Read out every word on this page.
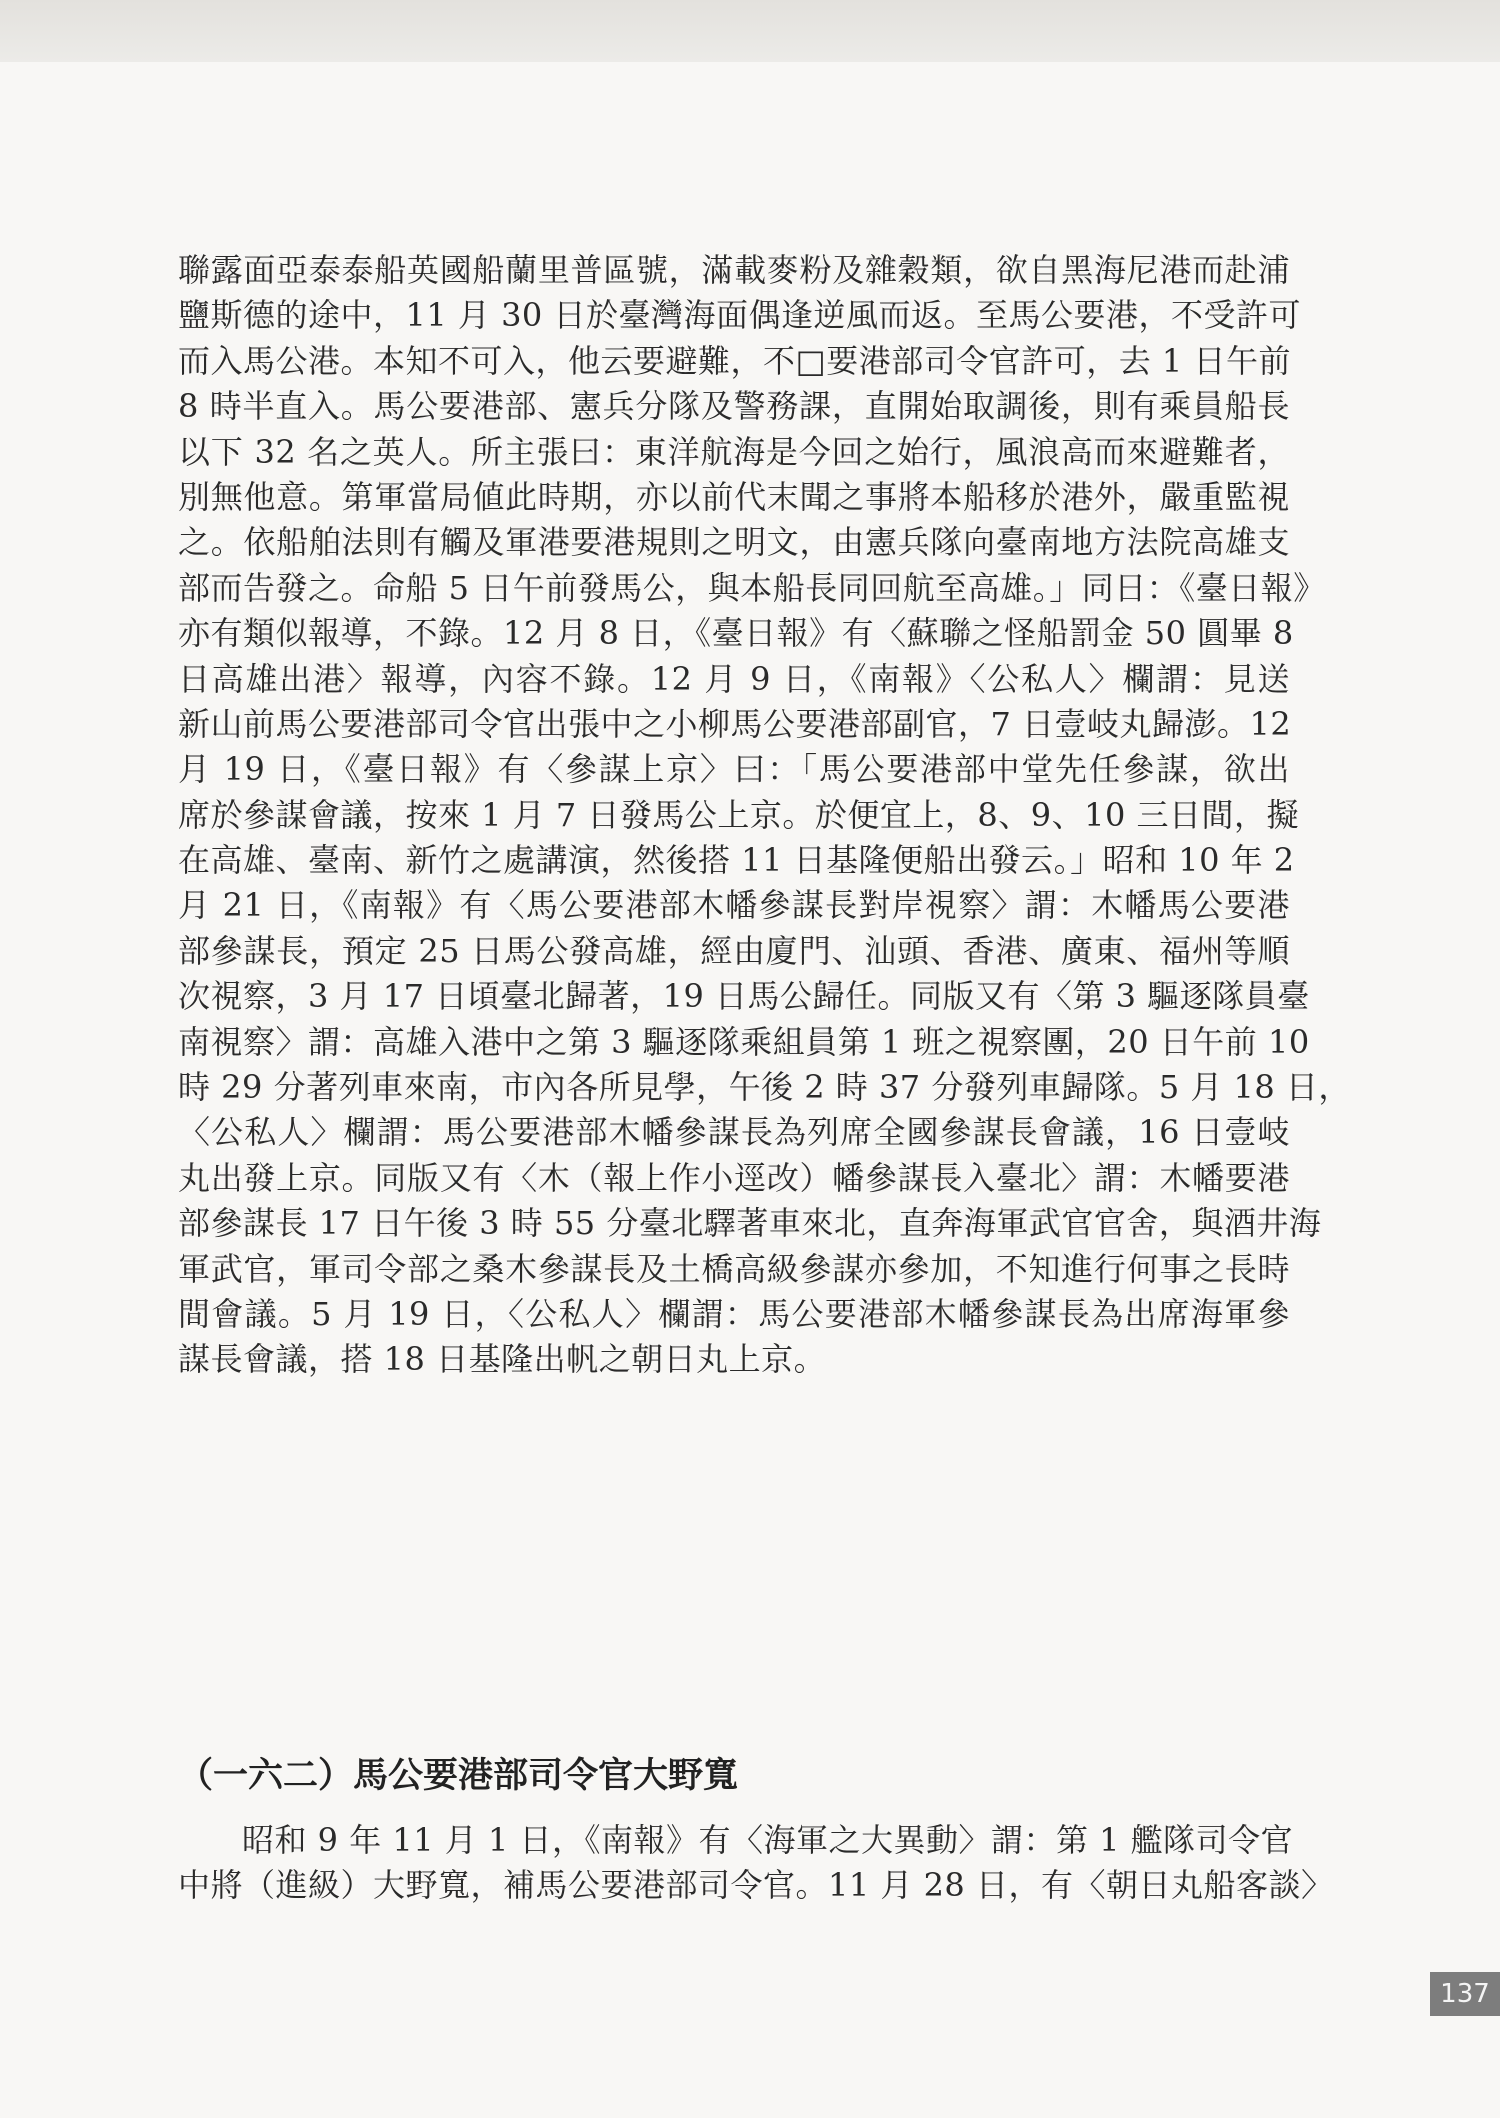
聯露面亞泰泰船英國船蘭里普區號，滿載麥粉及雜穀類，欲自黑海尼港而赴浦
鹽斯德的途中，11 月 30 日於臺灣海面偶逢逆風而返。至馬公要港，不受許可
而入馬公港。本知不可入，他云要避難，不□要港部司令官許可，去 1 日午前
8 時半直入。馬公要港部、憲兵分隊及警務課，直開始取調後，則有乘員船長
以下 32 名之英人。所主張曰：東洋航海是今回之始行，風浪高而來避難者，
別無他意。第軍當局値此時期，亦以前代末聞之事將本船移於港外，嚴重監視
之。依船舶法則有觸及軍港要港規則之明文，由憲兵隊向臺南地方法院高雄支
部而告發之。命船 5 日午前發馬公，與本船長同回航至高雄。」同日：《臺日報》
亦有類似報導，不錄。12 月 8 日，《臺日報》有〈蘇聯之怪船罰金 50 圓畢 8
日高雄出港〉報導，內容不錄。12 月 9 日，《南報》〈公私人〉欄謂：見送
新山前馬公要港部司令官出張中之小柳馬公要港部副官，7 日壹岐丸歸澎。12
月 19 日，《臺日報》有〈參謀上京〉曰：「馬公要港部中堂先任參謀，欲出
席於參謀會議，按來 1 月 7 日發馬公上京。於便宜上，8、9、10 三日間，擬
在高雄、臺南、新竹之處講演，然後搭 11 日基隆便船出發云。」昭和 10 年 2
月 21 日，《南報》有〈馬公要港部木幡參謀長對岸視察〉謂：木幡馬公要港
部參謀長，預定 25 日馬公發高雄，經由廈門、汕頭、香港、廣東、福州等順
次視察，3 月 17 日頃臺北歸著，19 日馬公歸任。同版又有〈第 3 驅逐隊員臺
南視察〉謂：高雄入港中之第 3 驅逐隊乘組員第 1 班之視察團，20 日午前 10
時 29 分著列車來南，市內各所見學，午後 2 時 37 分發列車歸隊。5 月 18 日，
〈公私人〉欄謂：馬公要港部木幡參謀長為列席全國參謀長會議，16 日壹岐
丸出發上京。同版又有〈木（報上作小逕改）幡參謀長入臺北〉謂：木幡要港
部參謀長 17 日午後 3 時 55 分臺北驛著車來北，直奔海軍武官官舍，與酒井海
軍武官，軍司令部之桑木參謀長及土橋高級參謀亦參加，不知進行何事之長時
間會議。5 月 19 日，〈公私人〉欄謂：馬公要港部木幡參謀長為出席海軍參
謀長會議，搭 18 日基隆出帆之朝日丸上京。
（一六二）馬公要港部司令官大野寬
昭和 9 年 11 月 1 日，《南報》有〈海軍之大異動〉謂：第 1 艦隊司令官
中將（進級）大野寬，補馬公要港部司令官。11 月 28 日，有〈朝日丸船客談〉
137
